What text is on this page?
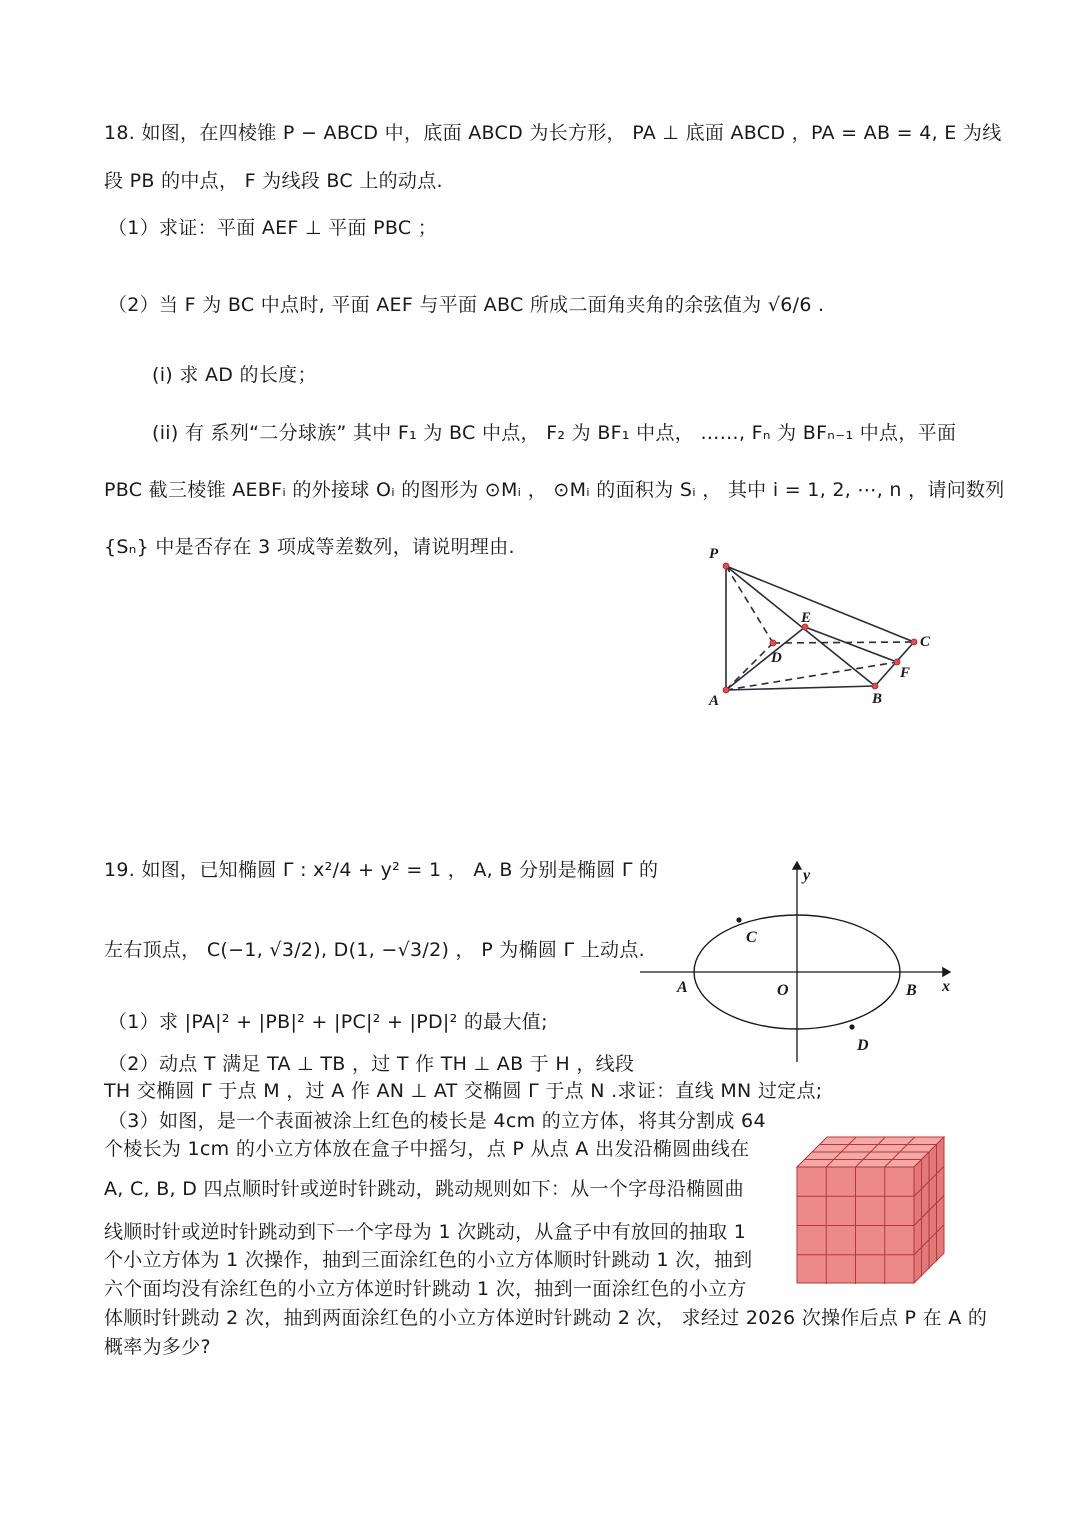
18. 如图，在四棱锥 P − ABCD 中，底面 ABCD 为长方形， PA ⊥ 底面 ABCD ，PA = AB = 4, E 为线
段 PB 的中点， F 为线段 BC 上的动点.
（1）求证：平面 AEF ⊥ 平面 PBC ；
（2）当 F 为 BC 中点时, 平面 AEF 与平面 ABC 所成二面角夹角的余弦值为 √6/6 .
(i) 求 AD 的长度；
(ii) 有 系列“二分球族” 其中 F₁ 为 BC 中点， F₂ 为 BF₁ 中点， ……, Fₙ 为 BFₙ₋₁ 中点，平面
PBC 截三棱锥 AEBFᵢ 的外接球 Oᵢ 的图形为 ⊙Mᵢ ， ⊙Mᵢ 的面积为 Sᵢ ， 其中 i = 1, 2, ⋯, n ，请问数列
{Sₙ} 中是否存在 3 项成等差数列，请说明理由.	P
E
C
D
F
A	B
19. 如图，已知椭圆 Γ : x²/4 + y² = 1 ， A, B 分别是椭圆 Γ 的
左右顶点， C(−1, √3/2), D(1, −√3/2) ， P 为椭圆 Γ 上动点.
（1）求 |PA|² + |PB|² + |PC|² + |PD|² 的最大值;
（2）动点 T 满足 TA ⊥ TB ，过 T 作 TH ⊥ AB 于 H ，线段
TH 交椭圆 Γ 于点 M ，过 A 作 AN ⊥ AT 交椭圆 Γ 于点 N .求证：直线 MN 过定点;
（3）如图，是一个表面被涂上红色的棱长是 4cm 的立方体，将其分割成 64
个棱长为 1cm 的小立方体放在盒子中摇匀，点 P 从点 A 出发沿椭圆曲线在
A, C, B, D 四点顺时针或逆时针跳动，跳动规则如下：从一个字母沿椭圆曲
线顺时针或逆时针跳动到下一个字母为 1 次跳动，从盒子中有放回的抽取 1
个小立方体为 1 次操作，抽到三面涂红色的小立方体顺时针跳动 1 次，抽到
六个面均没有涂红色的小立方体逆时针跳动 1 次，抽到一面涂红色的小立方
体顺时针跳动 2 次，抽到两面涂红色的小立方体逆时针跳动 2 次， 求经过 2026 次操作后点 P 在 A 的
概率为多少?
y
x
C
A	O	B
D
